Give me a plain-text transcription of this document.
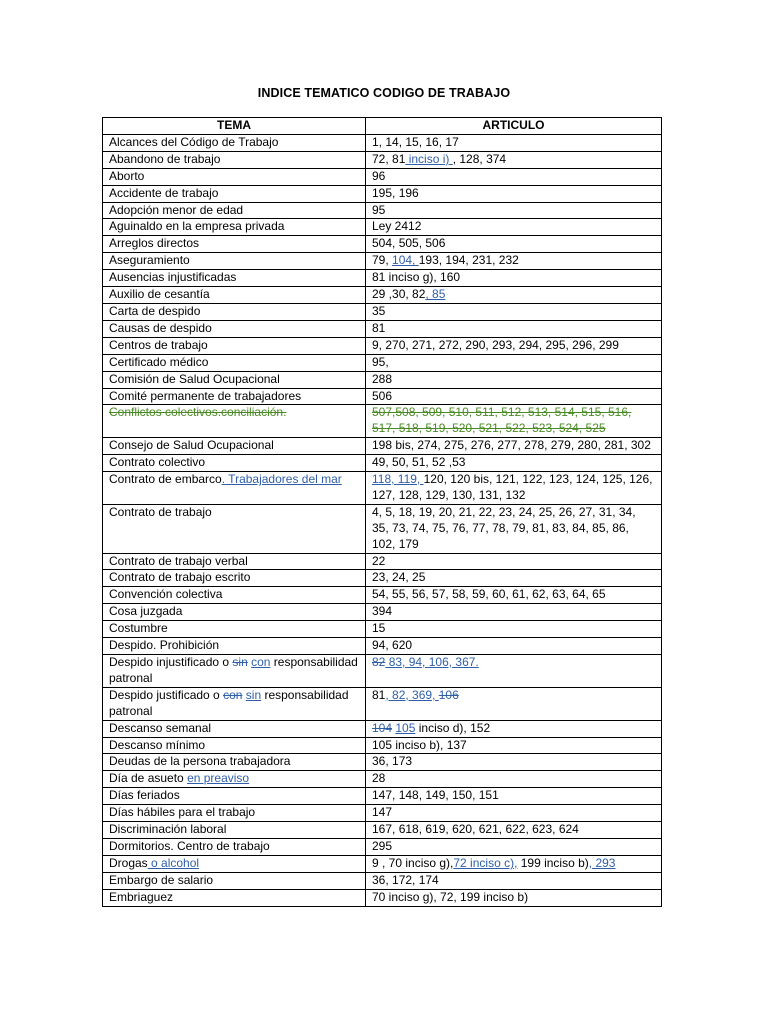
INDICE TEMATICO CODIGO DE TRABAJO
TEMA	ARTICULO
Alcances del Código de Trabajo	1, 14, 15, 16, 17
Abandono de trabajo	72, 81 inciso i) , 128, 374
Aborto	96
Accidente de trabajo	195, 196
Adopción menor de edad	95
Aguinaldo en la empresa privada	Ley 2412
Arreglos directos	504, 505, 506
Aseguramiento	79, 104, 193, 194, 231, 232
Ausencias injustificadas	81 inciso g), 160
Auxilio de cesantía	29 ,30, 82, 85
Carta de despido	35
Causas de despido	81
Centros de trabajo	9, 270, 271, 272, 290, 293, 294, 295, 296, 299
Certificado médico	95,
Comisión de Salud Ocupacional	288
Comité permanente de trabajadores	506
Conflictos colectivos.conciliación.	507,508, 509, 510, 511, 512, 513, 514, 515, 516, 517, 518, 519, 520, 521, 522, 523, 524, 525
Consejo de Salud Ocupacional	198 bis, 274, 275, 276, 277, 278, 279, 280, 281, 302
Contrato colectivo	49, 50, 51, 52 ,53
Contrato de embarco. Trabajadores del mar	118, 119, 120, 120 bis, 121, 122, 123, 124, 125, 126, 127, 128, 129, 130, 131, 132
Contrato de trabajo	4, 5, 18, 19, 20, 21, 22, 23, 24, 25, 26, 27, 31, 34, 35, 73, 74, 75, 76, 77, 78, 79, 81, 83, 84, 85, 86, 102, 179
Contrato de trabajo verbal	22
Contrato de trabajo escrito	23, 24, 25
Convención colectiva	54, 55, 56, 57, 58, 59, 60, 61, 62, 63, 64, 65
Cosa juzgada	394
Costumbre	15
Despido. Prohibición	94, 620
Despido injustificado o sin con responsabilidad patronal	82 83, 94, 106, 367.
Despido justificado o con sin responsabilidad patronal	81, 82, 369, 106
Descanso semanal	104 105 inciso d), 152
Descanso mínimo	105 inciso b), 137
Deudas de la persona trabajadora	36, 173
Día de asueto en preaviso	28
Días feriados	147, 148, 149, 150, 151
Días hábiles para el trabajo	147
Discriminación laboral	167, 618, 619, 620, 621, 622, 623, 624
Dormitorios. Centro de trabajo	295
Drogas o alcohol	9 , 70 inciso g),72 inciso c), 199 inciso b), 293
Embargo de salario	36, 172, 174
Embriaguez	70 inciso g), 72, 199 inciso b)
